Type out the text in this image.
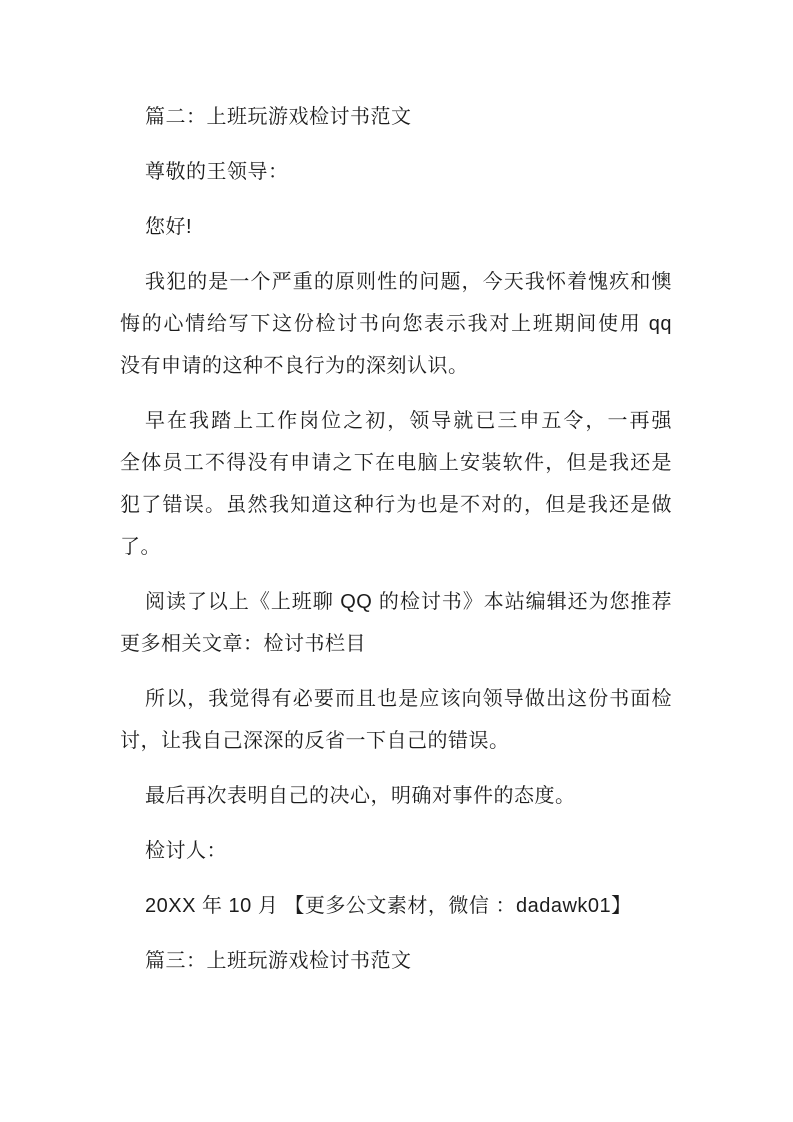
篇二：上班玩游戏检讨书范文
尊敬的王领导：
您好!
我犯的是一个严重的原则性的问题，今天我怀着愧疚和懊
悔的心情给写下这份检讨书向您表示我对上班期间使用 qq
没有申请的这种不良行为的深刻认识。
早在我踏上工作岗位之初，领导就已三申五令，一再强
全体员工不得没有申请之下在电脑上安装软件，但是我还是
犯了错误。虽然我知道这种行为也是不对的，但是我还是做
了。
阅读了以上《上班聊 QQ 的检讨书》本站编辑还为您推荐
更多相关文章：检讨书栏目
所以，我觉得有必要而且也是应该向领导做出这份书面检
讨，让我自己深深的反省一下自己的错误。
最后再次表明自己的决心，明确对事件的态度。
检讨人：
20XX 年 10 月 【更多公文素材，微信 ：dadawk01】
篇三：上班玩游戏检讨书范文
